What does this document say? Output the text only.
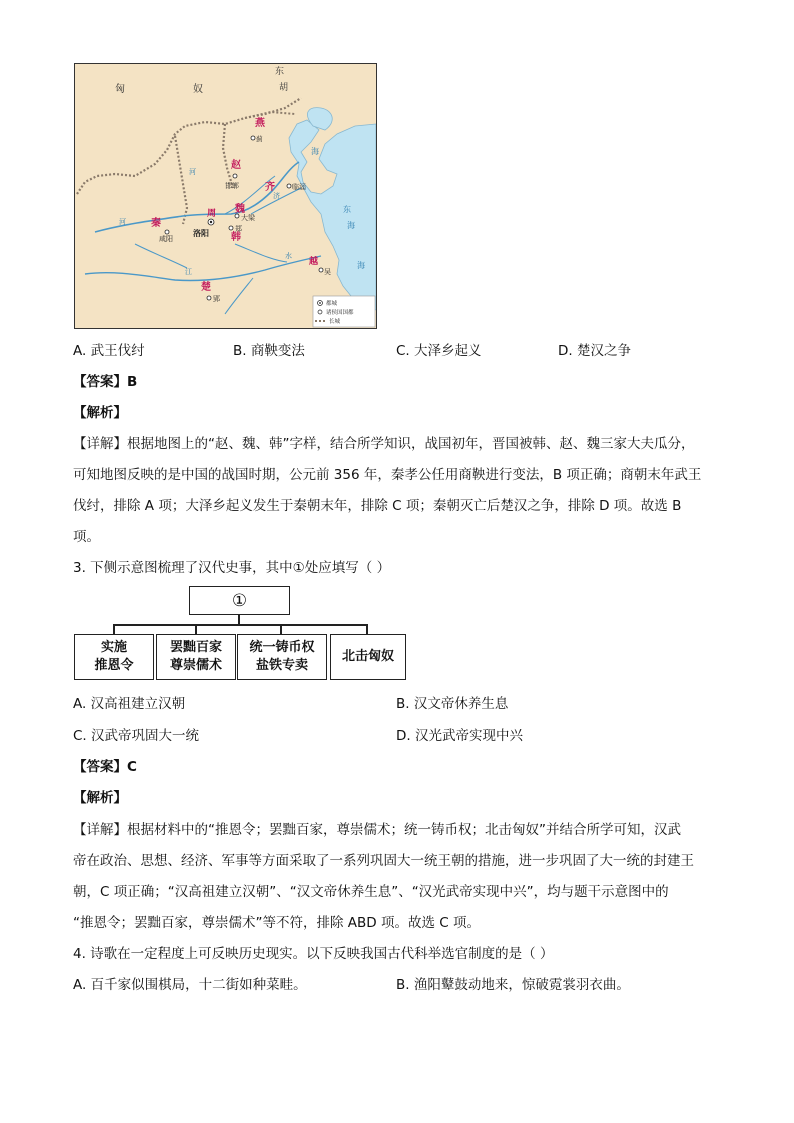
匈	奴
东
胡
燕
蓟
赵
邯郸	齐 临淄
秦
咸阳
洛阳
周 魏
大梁
韩
郑
楚
郢
越
吴
海
海
东
海
河
河
济
江
水
都城
诸侯国国都
长城
A. 武王伐纣	B. 商鞅变法	C. 大泽乡起义	D. 楚汉之争
【答案】B
【解析】
【详解】根据地图上的“赵、魏、韩”字样，结合所学知识，战国初年，晋国被韩、赵、魏三家大夫瓜分，
可知地图反映的是中国的战国时期，公元前 356 年，秦孝公任用商鞅进行变法，B 项正确；商朝末年武王
伐纣，排除 A 项；大泽乡起义发生于秦朝末年，排除 C 项；秦朝灭亡后楚汉之争，排除 D 项。故选 B
项。
3. 下侧示意图梳理了汉代史事，其中①处应填写（ ）
①
实施
推恩令
罢黜百家
尊崇儒术
统一铸币权
盐铁专卖
北击匈奴
A. 汉高祖建立汉朝	B. 汉文帝休养生息
C. 汉武帝巩固大一统	D. 汉光武帝实现中兴
【答案】C
【解析】
【详解】根据材料中的“推恩令；罢黜百家，尊崇儒术；统一铸币权；北击匈奴”并结合所学可知，汉武
帝在政治、思想、经济、军事等方面采取了一系列巩固大一统王朝的措施，进一步巩固了大一统的封建王
朝，C 项正确；“汉高祖建立汉朝”、“汉文帝休养生息”、“汉光武帝实现中兴”，均与题干示意图中的
“推恩令；罢黜百家，尊崇儒术”等不符，排除 ABD 项。故选 C 项。
4. 诗歌在一定程度上可反映历史现实。以下反映我国古代科举选官制度的是（ ）
A. 百千家似围棋局，十二街如种菜畦。	B. 渔阳鼙鼓动地来，惊破霓裳羽衣曲。
